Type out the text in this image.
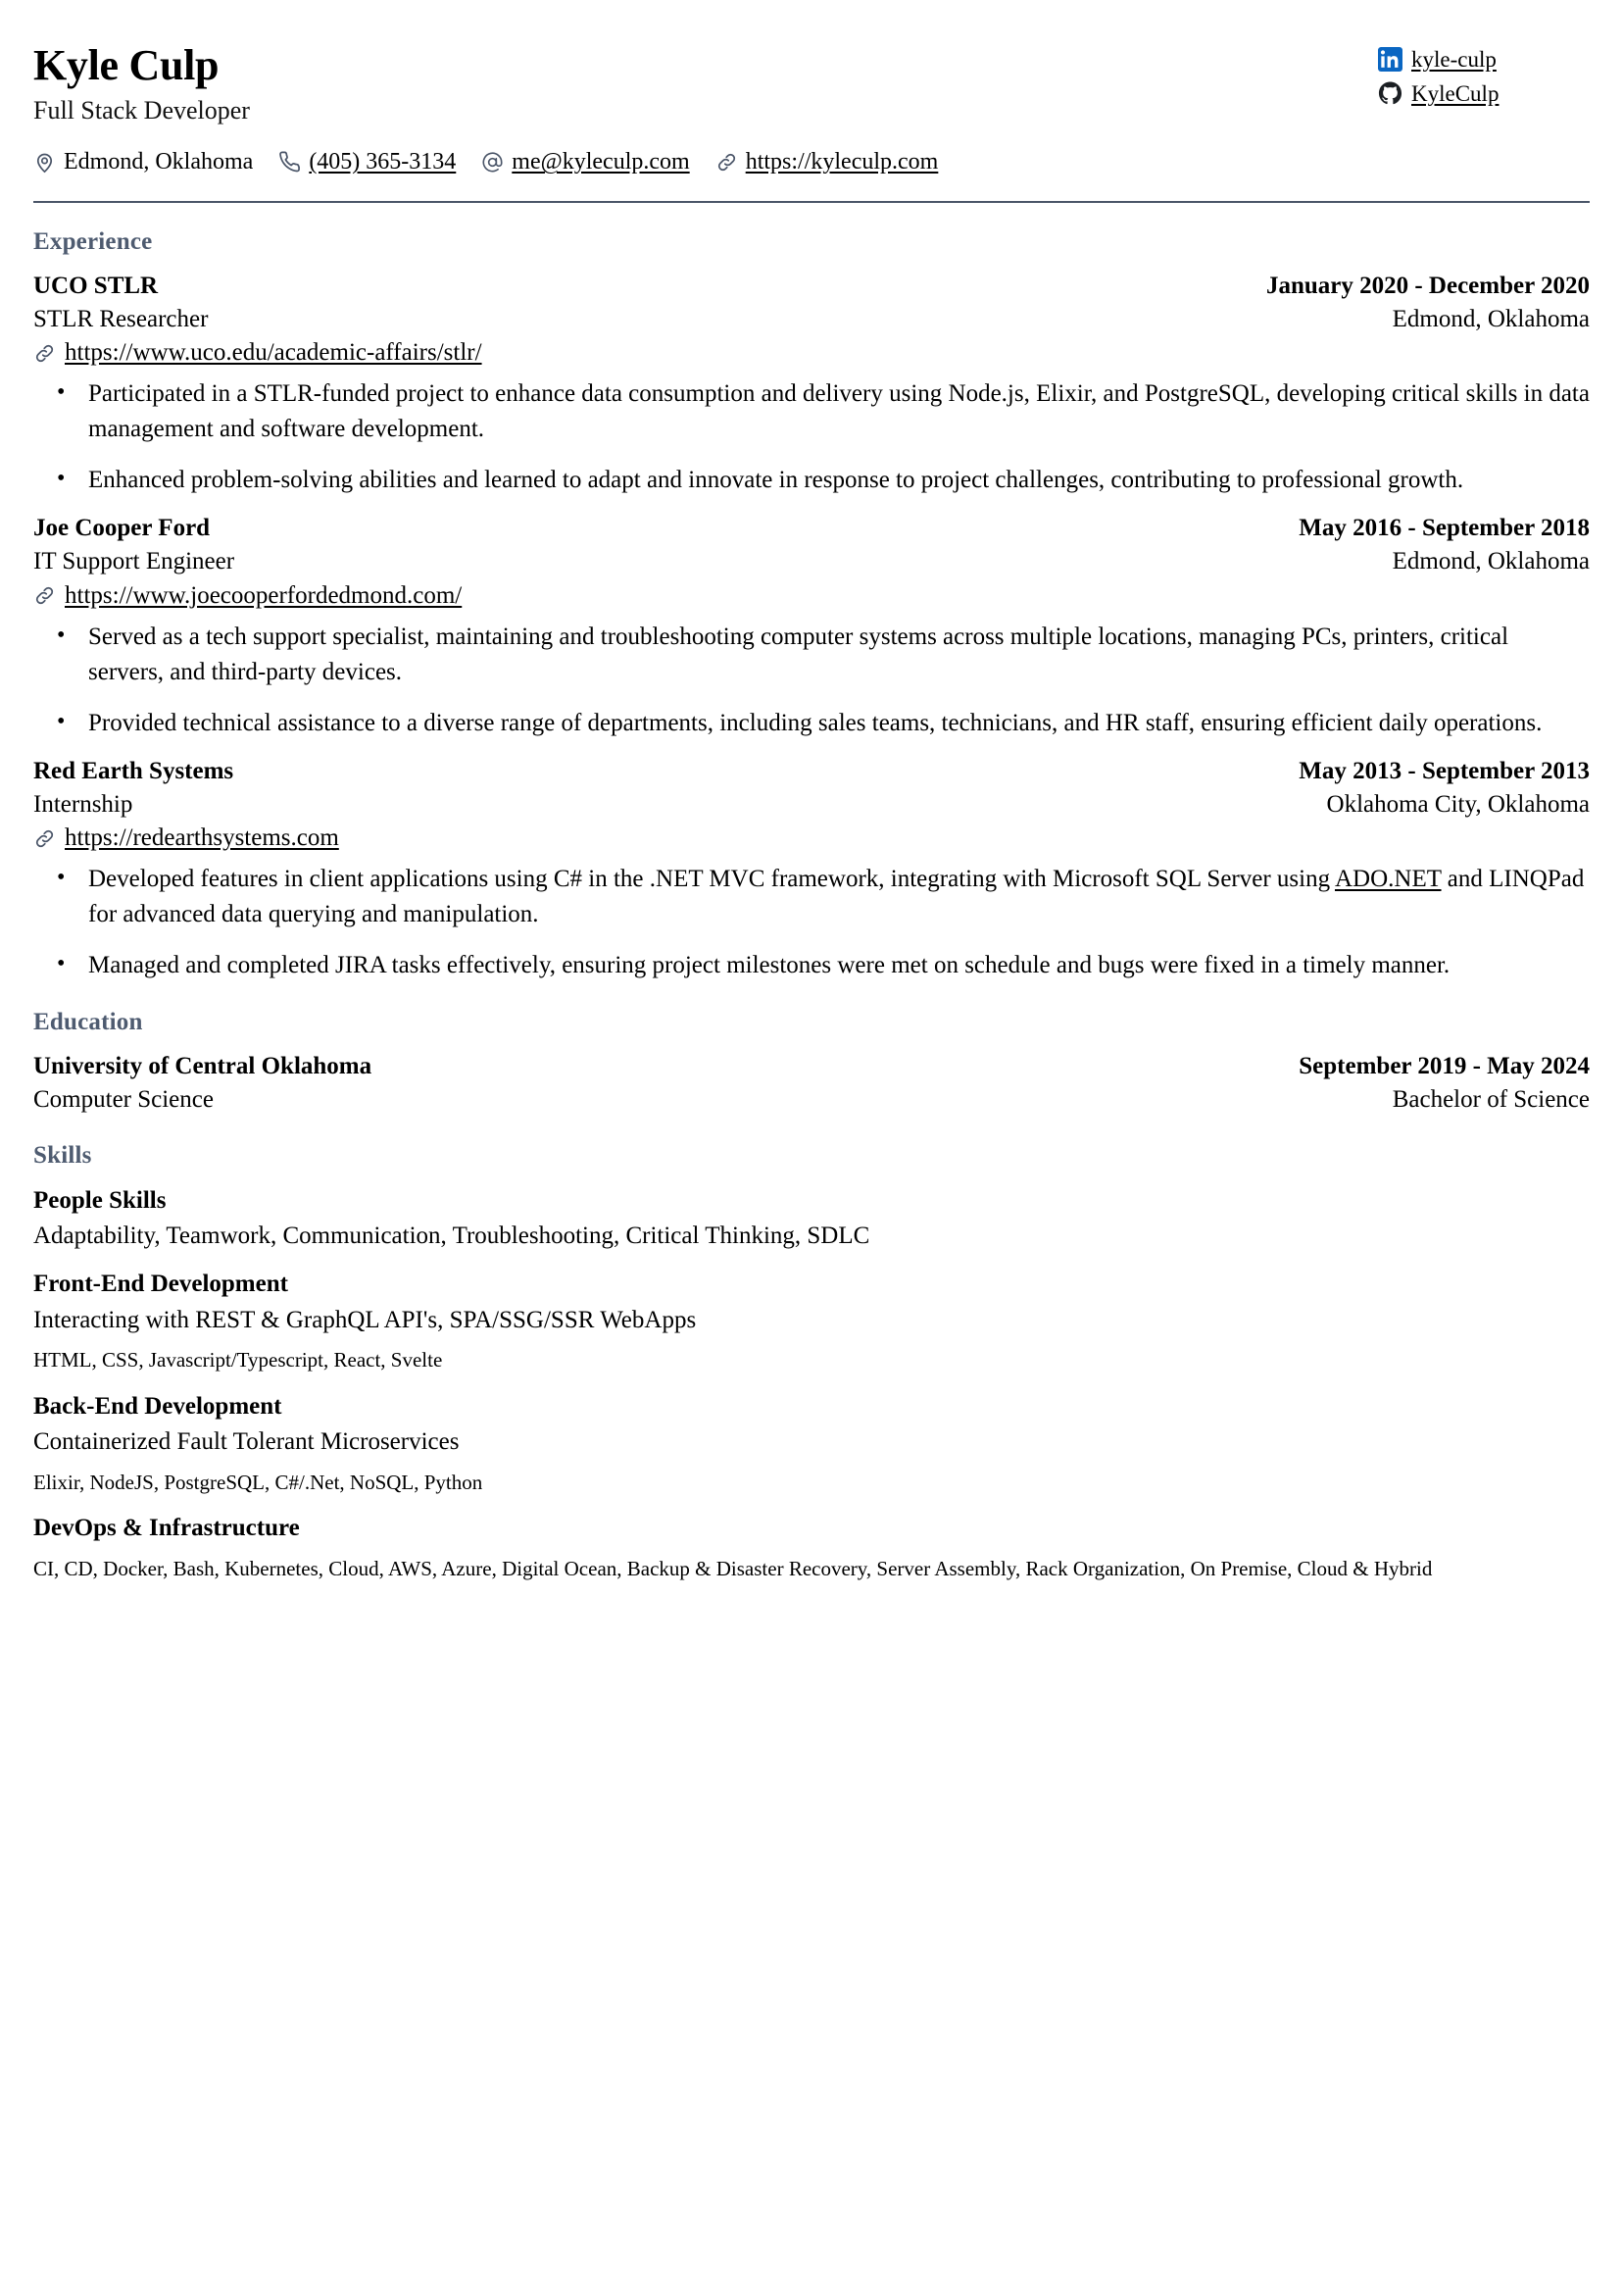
Kyle Culp

Full Stack Developer

kyle-culp
KyleCulp
Edmond, Oklahoma (405) 365-3134 me@kyleculp.com https://kyleculp.com
Experience
UCO STLR	January 2020 - December 2020
STLR Researcher	Edmond, Oklahoma
https://www.uco.edu/academic-affairs/stlr/
• Participated in a STLR-funded project to enhance data consumption and delivery using Node.js, Elixir, and PostgreSQL, developing critical skills in data management and software development.
• Enhanced problem-solving abilities and learned to adapt and innovate in response to project challenges, contributing to professional growth.
Joe Cooper Ford	May 2016 - September 2018
IT Support Engineer	Edmond, Oklahoma
https://www.joecooperfordedmond.com/
• Served as a tech support specialist, maintaining and troubleshooting computer systems across multiple locations, managing PCs, printers, critical servers, and third-party devices.
• Provided technical assistance to a diverse range of departments, including sales teams, technicians, and HR staff, ensuring efficient daily operations.
Red Earth Systems	May 2013 - September 2013
Internship	Oklahoma City, Oklahoma
https://redearthsystems.com
• Developed features in client applications using C# in the .NET MVC framework, integrating with Microsoft SQL Server using ADO.NET and LINQPad for advanced data querying and manipulation.
• Managed and completed JIRA tasks effectively, ensuring project milestones were met on schedule and bugs were fixed in a timely manner.
Education
University of Central Oklahoma	September 2019 - May 2024
Computer Science	Bachelor of Science
Skills
People Skills
Adaptability, Teamwork, Communication, Troubleshooting, Critical Thinking, SDLC
Front-End Development
Interacting with REST & GraphQL API's, SPA/SSG/SSR WebApps
HTML, CSS, Javascript/Typescript, React, Svelte
Back-End Development
Containerized Fault Tolerant Microservices
Elixir, NodeJS, PostgreSQL, C#/.Net, NoSQL, Python
DevOps & Infrastructure
CI, CD, Docker, Bash, Kubernetes, Cloud, AWS, Azure, Digital Ocean, Backup & Disaster Recovery, Server Assembly, Rack Organization, On Premise, Cloud & Hybrid
